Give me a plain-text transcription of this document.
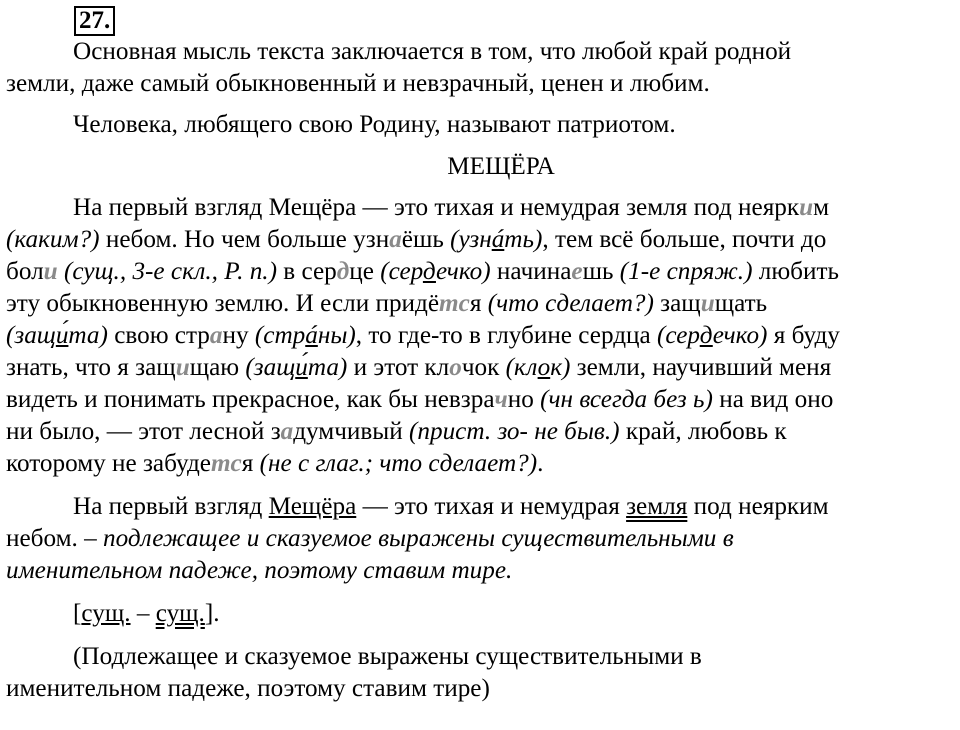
27.

Основная мысль текста заключается в том, что любой край родной

земли, даже самый обыкновенный и невзрачный, ценен и любим.

Человека, любящего свою Родину, называют патриотом.

МЕЩЁРА

На первый взгляд Мещёра — это тихая и немудрая земля под неярким

(каким?) небом. Но чем больше узнаёшь (узнáть), тем всё больше, почти до

боли (сущ., 3-е скл., Р. п.) в сердце (сердечко) начинаешь (1-е спряж.) любить

эту обыкновенную землю. И если придётся (что сделает?) защищать

(защи́та) свою страну (стрáны), то где-то в глубине сердца (сердечко) я буду

знать, что я защищаю (защи́та) и этот клочок (клок) земли, научивший меня

видеть и понимать прекрасное, как бы невзрачно (чн всегда без ь) на вид оно

ни было, — этот лесной задумчивый (прист. зо- не быв.) край, любовь к

которому не забудется (не с глаг.; что сделает?).

На первый взгляд Мещёра — это тихая и немудрая земля под неярким

небом. – подлежащее и сказуемое выражены существительными в

именительном падеже, поэтому ставим тире.

[сущ. – сущ.].

(Подлежащее и сказуемое выражены существительными в

именительном падеже, поэтому ставим тире)
